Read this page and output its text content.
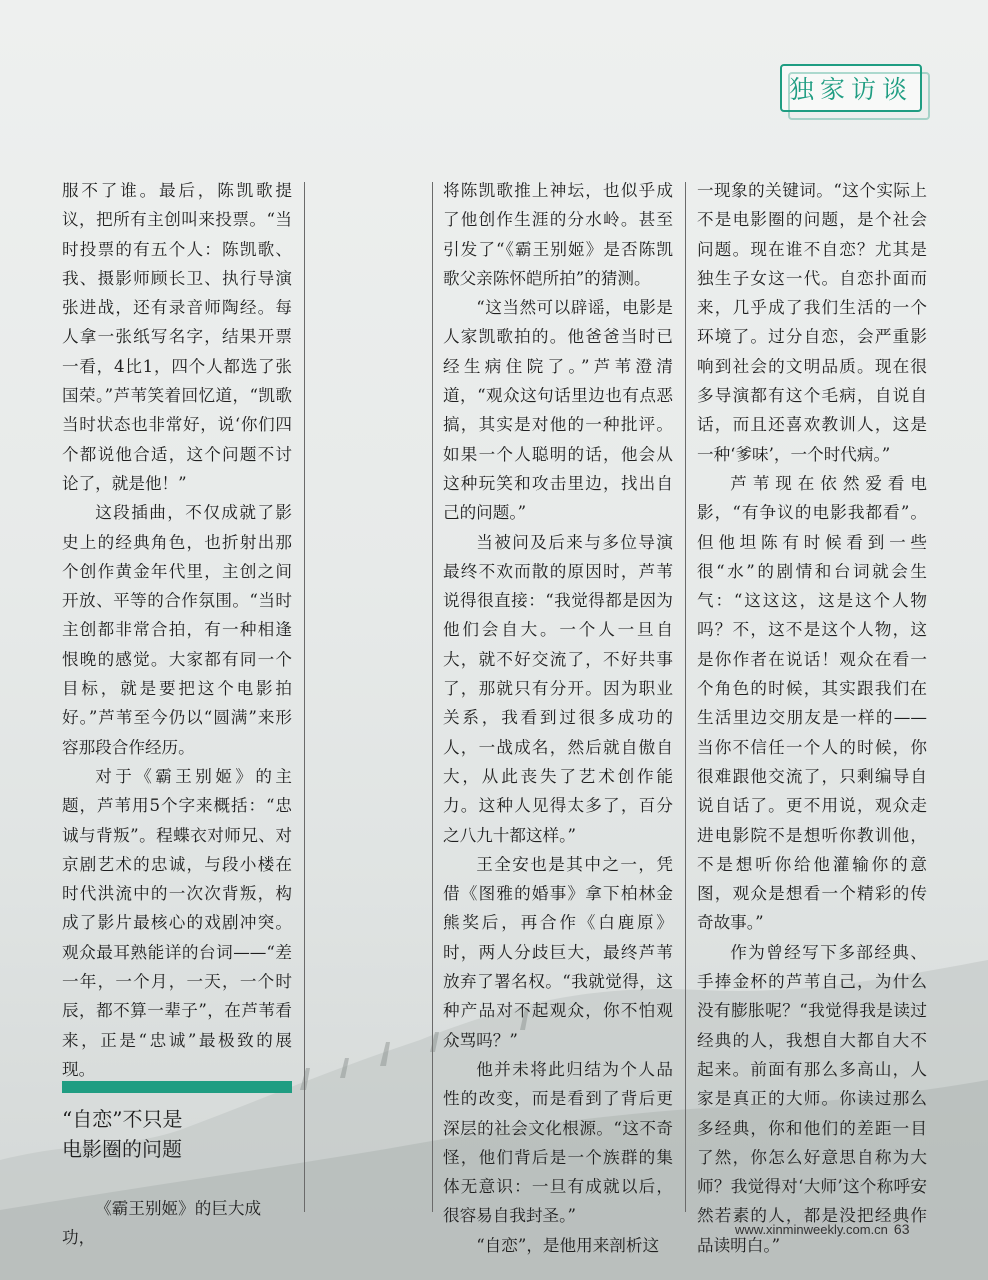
独家访谈

服不了谁。最后，陈凯歌提议，把所有主创叫来投票。“当时投票的有五个人：陈凯歌、我、摄影师顾长卫、执行导演张进战，还有录音师陶经。每人拿一张纸写名字，结果开票一看，4比1，四个人都选了张国荣。”芦苇笑着回忆道，“凯歌当时状态也非常好，说‘你们四个都说他合适，这个问题不讨论了，就是他！”

这段插曲，不仅成就了影史上的经典角色，也折射出那个创作黄金年代里，主创之间开放、平等的合作氛围。“当时主创都非常合拍，有一种相逢恨晚的感觉。大家都有同一个目标，就是要把这个电影拍好。”芦苇至今仍以“圆满”来形容那段合作经历。

对于《霸王别姬》的主题，芦苇用5个字来概括：“忠诚与背叛”。程蝶衣对师兄、对京剧艺术的忠诚，与段小楼在时代洪流中的一次次背叛，构成了影片最核心的戏剧冲突。观众最耳熟能详的台词——“差一年，一个月，一天，一个时辰，都不算一辈子”，在芦苇看来，正是“忠诚”最极致的展现。

“自恋”不只是
电影圈的问题

《霸王别姬》的巨大成功，

将陈凯歌推上神坛，也似乎成了他创作生涯的分水岭。甚至引发了“《霸王别姬》是否陈凯歌父亲陈怀皑所拍”的猜测。

“这当然可以辟谣，电影是人家凯歌拍的。他爸爸当时已经生病住院了。”芦苇澄清道，“观众这句话里边也有点恶搞，其实是对他的一种批评。如果一个人聪明的话，他会从这种玩笑和攻击里边，找出自己的问题。”

当被问及后来与多位导演最终不欢而散的原因时，芦苇说得很直接：“我觉得都是因为他们会自大。一个人一旦自大，就不好交流了，不好共事了，那就只有分开。因为职业关系，我看到过很多成功的人，一战成名，然后就自傲自大，从此丧失了艺术创作能力。这种人见得太多了，百分之八九十都这样。”

王全安也是其中之一，凭借《图雅的婚事》拿下柏林金熊奖后，再合作《白鹿原》时，两人分歧巨大，最终芦苇放弃了署名权。“我就觉得，这种产品对不起观众，你不怕观众骂吗？”

他并未将此归结为个人品性的改变，而是看到了背后更深层的社会文化根源。“这不奇怪，他们背后是一个族群的集体无意识：一旦有成就以后，很容易自我封圣。”

“自恋”，是他用来剖析这

一现象的关键词。“这个实际上不是电影圈的问题，是个社会问题。现在谁不自恋？尤其是独生子女这一代。自恋扑面而来，几乎成了我们生活的一个环境了。过分自恋，会严重影响到社会的文明品质。现在很多导演都有这个毛病，自说自话，而且还喜欢教训人，这是一种‘爹味’，一个时代病。”

芦苇现在依然爱看电影，“有争议的电影我都看”。但他坦陈有时候看到一些很“水”的剧情和台词就会生气：“这这这，这是这个人物吗？不，这不是这个人物，这是你作者在说话！观众在看一个角色的时候，其实跟我们在生活里边交朋友是一样的——当你不信任一个人的时候，你很难跟他交流了，只剩编导自说自话了。更不用说，观众走进电影院不是想听你教训他，不是想听你给他灌输你的意图，观众是想看一个精彩的传奇故事。”

作为曾经写下多部经典、手捧金杯的芦苇自己，为什么没有膨胀呢？“我觉得我是读过经典的人，我想自大都自大不起来。前面有那么多高山，人家是真正的大师。你读过那么多经典，你和他们的差距一目了然，你怎么好意思自称为大师？我觉得对‘大师’这个称呼安然若素的人，都是没把经典作品读明白。”

www.xinminweekly.com.cn 63
